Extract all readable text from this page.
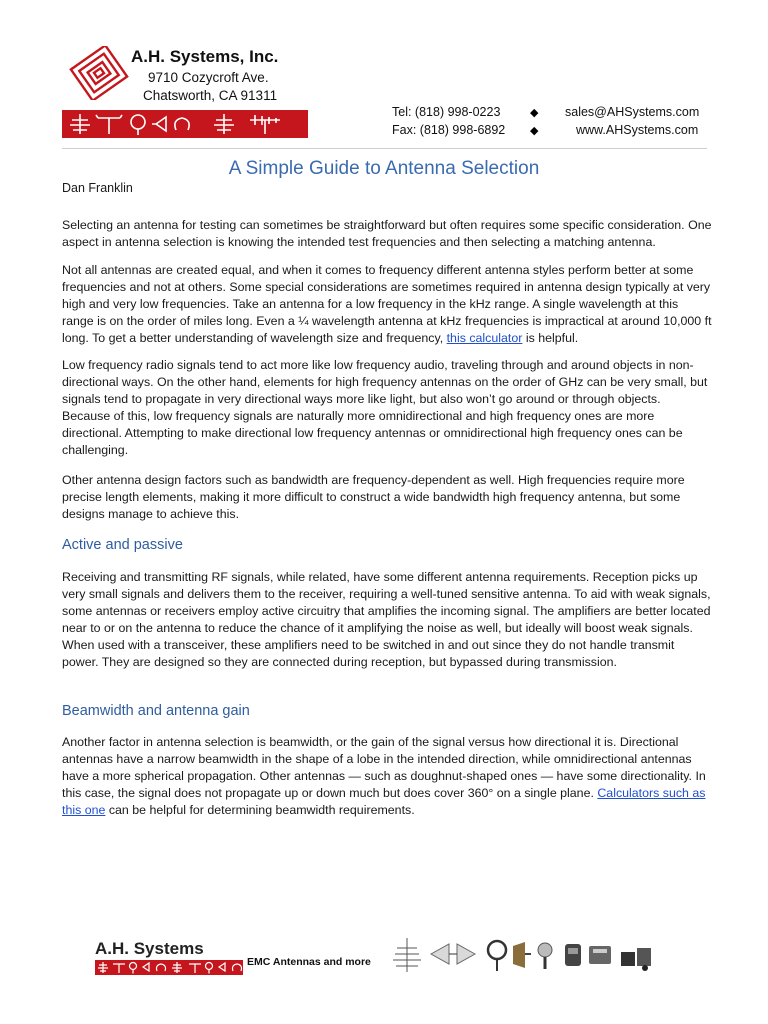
A.H. Systems, Inc.
9710 Cozycroft Ave.
Chatsworth, CA 91311
Tel: (818) 998-0223
Fax: (818) 998-6892
◆
◆
sales@AHSystems.com
www.AHSystems.com
A Simple Guide to Antenna Selection
Dan Franklin

Selecting an antenna for testing can sometimes be straightforward but often requires some specific consideration. One aspect in antenna selection is knowing the intended test frequencies and then selecting a matching antenna.

Not all antennas are created equal, and when it comes to frequency different antenna styles perform better at some frequencies and not at others. Some special considerations are sometimes required in antenna design typically at very high and very low frequencies. Take an antenna for a low frequency in the kHz range. A single wavelength at this range is on the order of miles long. Even a ¼ wavelength antenna at kHz frequencies is impractical at around 10,000 ft long. To get a better understanding of wavelength size and frequency, this calculator is helpful.

Low frequency radio signals tend to act more like low frequency audio, traveling through and around objects in non-directional ways. On the other hand, elements for high frequency antennas on the order of GHz can be very small, but signals tend to propagate in very directional ways more like light, but also won’t go around or through objects. Because of this, low frequency signals are naturally more omnidirectional and high frequency ones are more directional. Attempting to make directional low frequency antennas or omnidirectional high frequency ones can be challenging.

Other antenna design factors such as bandwidth are frequency-dependent as well. High frequencies require more precise length elements, making it more difficult to construct a wide bandwidth high frequency antenna, but some designs manage to achieve this.

Active and passive

Receiving and transmitting RF signals, while related, have some different antenna requirements. Reception picks up very small signals and delivers them to the receiver, requiring a well-tuned sensitive antenna. To aid with weak signals, some antennas or receivers employ active circuitry that amplifies the incoming signal. The amplifiers are better located near to or on the antenna to reduce the chance of it amplifying the noise as well, but ideally will boost weak signals. When used with a transceiver, these amplifiers need to be switched in and out since they do not handle transmit power. They are designed so they are connected during reception, but bypassed during transmission.

Beamwidth and antenna gain

Another factor in antenna selection is beamwidth, or the gain of the signal versus how directional it is. Directional antennas have a narrow beamwidth in the shape of a lobe in the intended direction, while omnidirectional antennas have a more spherical propagation. Other antennas — such as doughnut-shaped ones — have some directionality. In this case, the signal does not propagate up or down much but does cover 360° on a single plane. Calculators such as this one can be helpful for determining beamwidth requirements.

A.H. Systems
EMC Antennas and more
